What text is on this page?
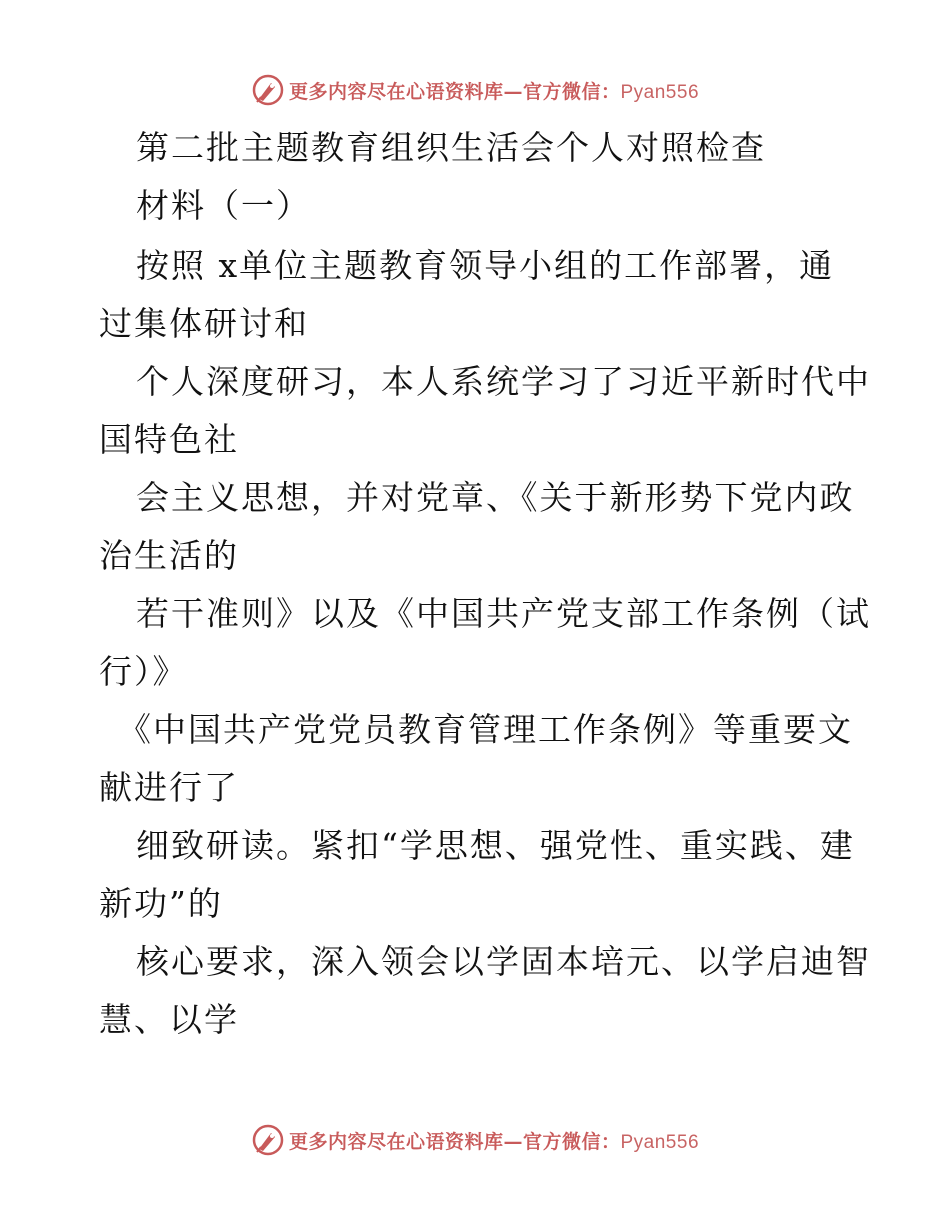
更多内容尽在心语资料库—官方微信：Pyan556
第二批主题教育组织生活会个人对照检查
材料（一）
按照 x单位主题教育领导小组的工作部署，通
过集体研讨和
个人深度研习，本人系统学习了习近平新时代中
国特色社
会主义思想，并对党章、《关于新形势下党内政
治生活的
若干准则》以及《中国共产党支部工作条例（试
行）》
《中国共产党党员教育管理工作条例》等重要文
献进行了
细致研读。紧扣“学思想、强党性、重实践、建
新功”的
核心要求，深入领会以学固本培元、以学启迪智
慧、以学
更多内容尽在心语资料库—官方微信：Pyan556
